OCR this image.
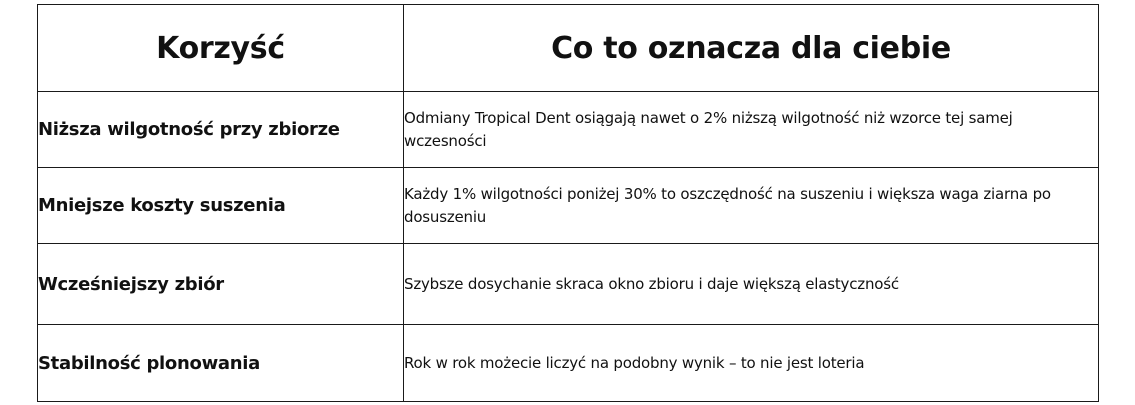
Korzyść	Co to oznacza dla ciebie
Niższa wilgotność przy zbiorze	Odmiany Tropical Dent osiągają nawet o 2% niższą wilgotność niż wzorce tej samej wczesności
Mniejsze koszty suszenia	Każdy 1% wilgotności poniżej 30% to oszczędność na suszeniu i większa waga ziarna po dosuszeniu
Wcześniejszy zbiór	Szybsze dosychanie skraca okno zbioru i daje większą elastyczność
Stabilność plonowania	Rok w rok możecie liczyć na podobny wynik – to nie jest loteria
